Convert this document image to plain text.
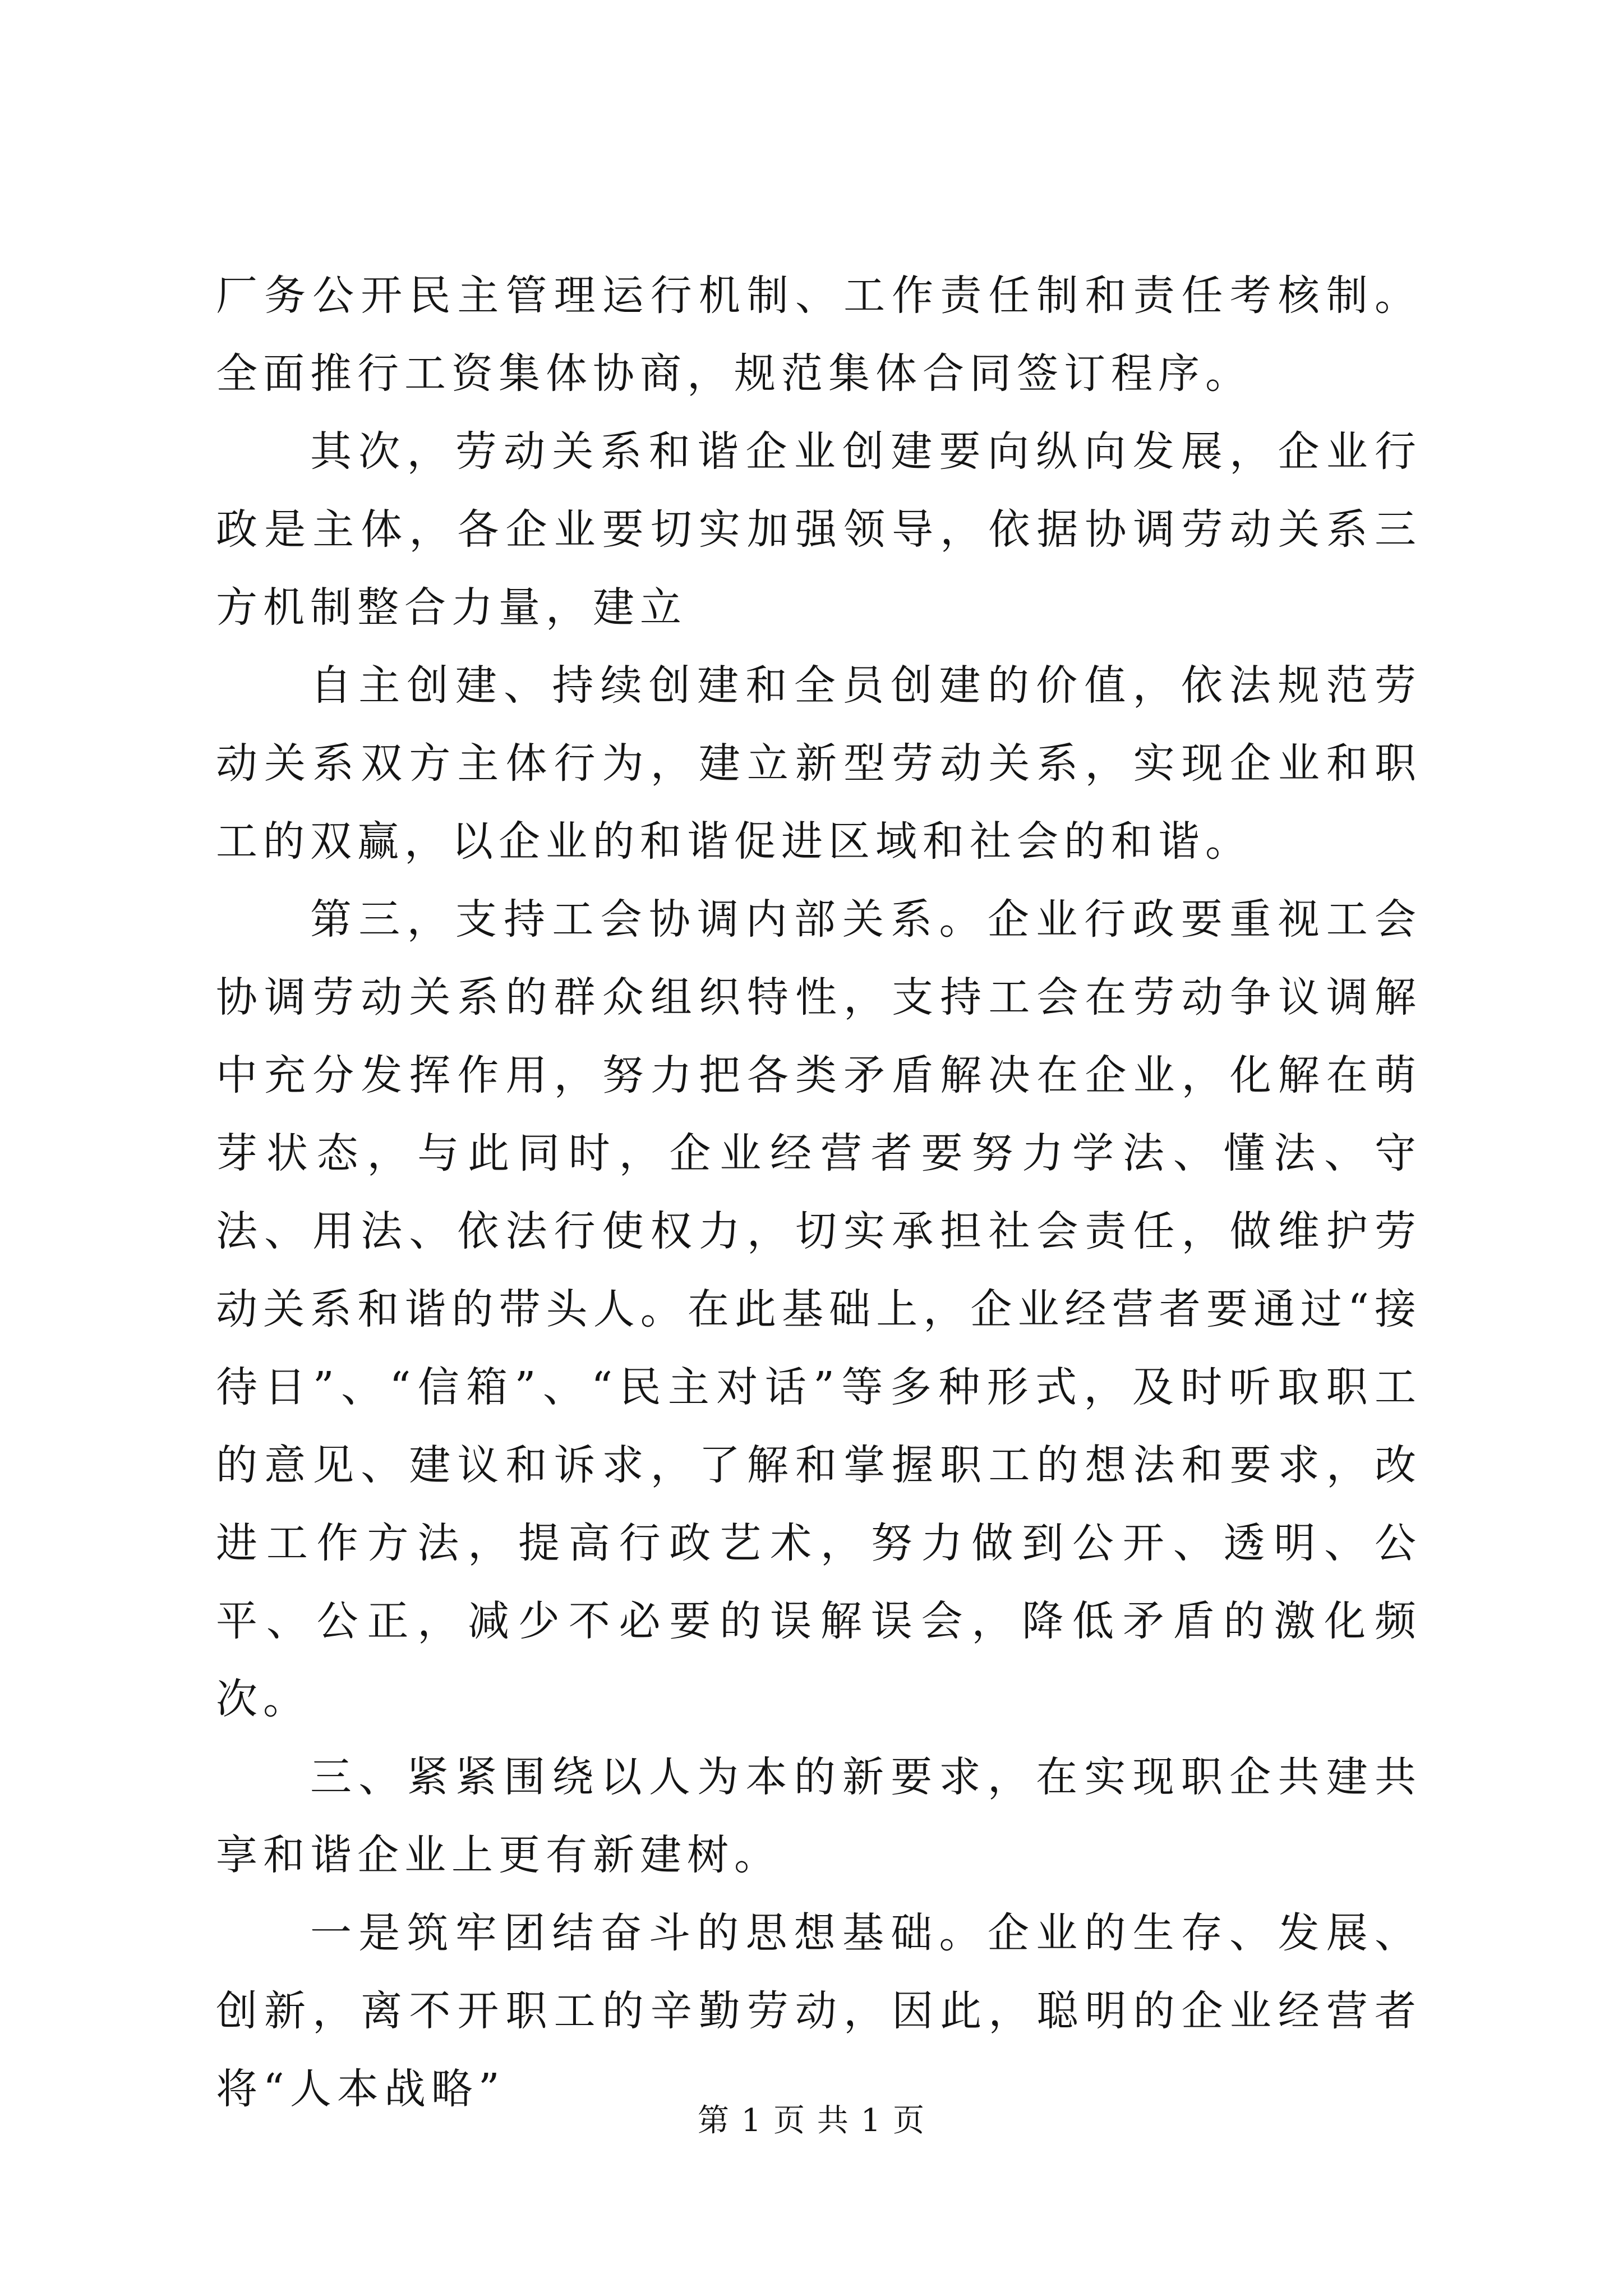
厂务公开民主管理运行机制、工作责任制和责任考核制。全面推行工资集体协商，规范集体合同签订程序。

其次，劳动关系和谐企业创建要向纵向发展，企业行政是主体，各企业要切实加强领导，依据协调劳动关系三方机制整合力量，建立

自主创建、持续创建和全员创建的价值，依法规范劳动关系双方主体行为，建立新型劳动关系，实现企业和职工的双赢，以企业的和谐促进区域和社会的和谐。

第三，支持工会协调内部关系。企业行政要重视工会协调劳动关系的群众组织特性，支持工会在劳动争议调解中充分发挥作用，努力把各类矛盾解决在企业，化解在萌芽状态，与此同时，企业经营者要努力学法、懂法、守法、用法、依法行使权力，切实承担社会责任，做维护劳动关系和谐的带头人。在此基础上，企业经营者要通过“接待日”、“信箱”、“民主对话”等多种形式，及时听取职工的意见、建议和诉求，了解和掌握职工的想法和要求，改进工作方法，提高行政艺术，努力做到公开、透明、公平、公正，减少不必要的误解误会，降低矛盾的激化频次。

三、紧紧围绕以人为本的新要求，在实现职企共建共享和谐企业上更有新建树。

一是筑牢团结奋斗的思想基础。企业的生存、发展、创新，离不开职工的辛勤劳动，因此，聪明的企业经营者将“人本战略”

第 1 页 共 1 页
